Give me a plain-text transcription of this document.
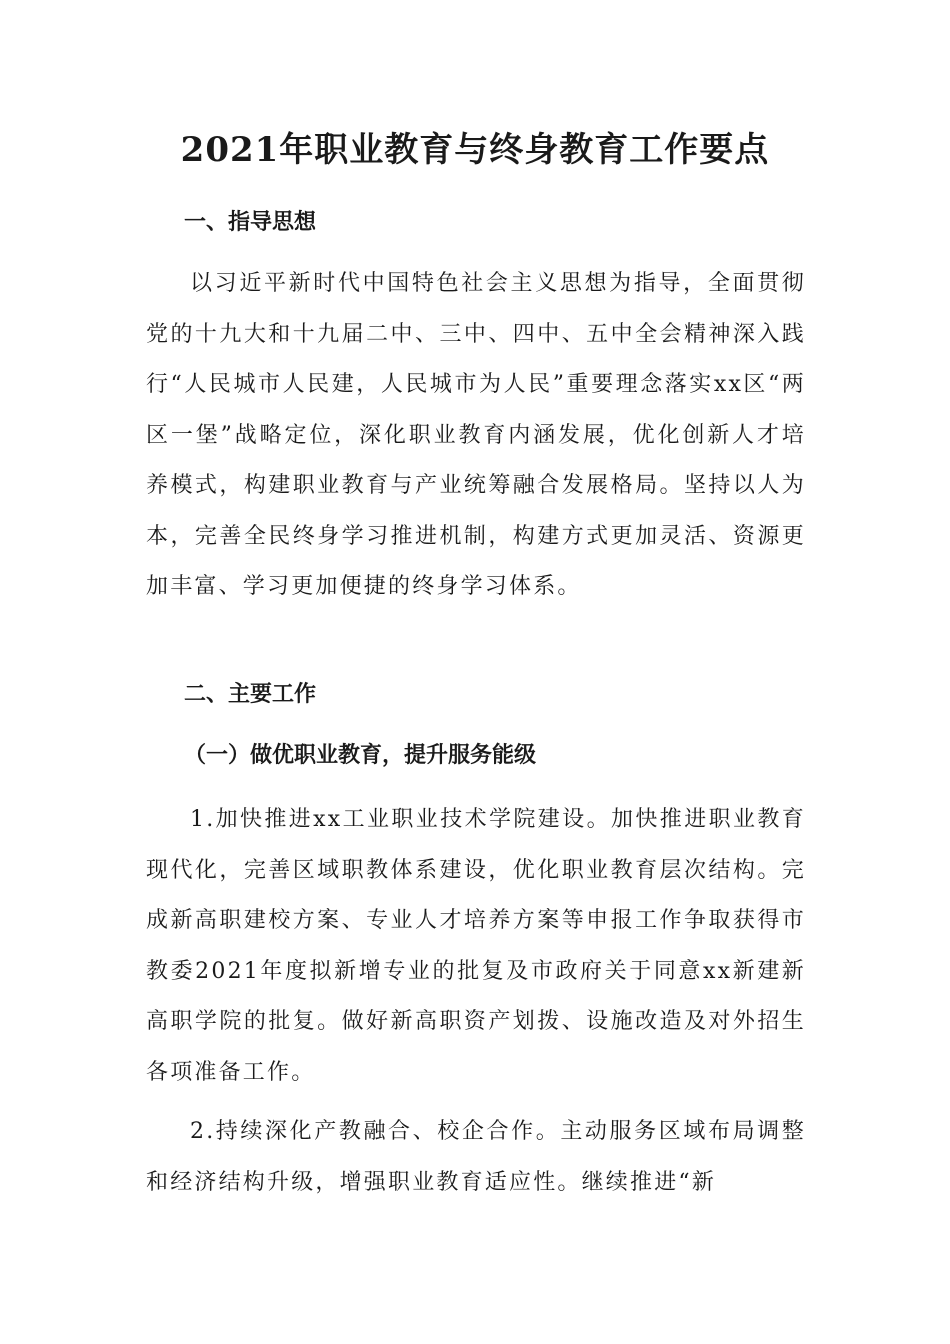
2021年职业教育与终身教育工作要点
一、指导思想

以习近平新时代中国特色社会主义思想为指导，全面贯彻党的十九大和十九届二中、三中、四中、五中全会精神深入践行“人民城市人民建，人民城市为人民”重要理念落实xx区“两区一堡”战略定位，深化职业教育内涵发展，优化创新人才培养模式，构建职业教育与产业统筹融合发展格局。坚持以人为本，完善全民终身学习推进机制，构建方式更加灵活、资源更加丰富、学习更加便捷的终身学习体系。

二、主要工作
（一）做优职业教育，提升服务能级

1.加快推进xx工业职业技术学院建设。加快推进职业教育现代化，完善区域职教体系建设，优化职业教育层次结构。完成新高职建校方案、专业人才培养方案等申报工作争取获得市教委2021年度拟新增专业的批复及市政府关于同意xx新建新高职学院的批复。做好新高职资产划拨、设施改造及对外招生各项准备工作。

2.持续深化产教融合、校企合作。主动服务区域布局调整和经济结构升级，增强职业教育适应性。继续推进“新
